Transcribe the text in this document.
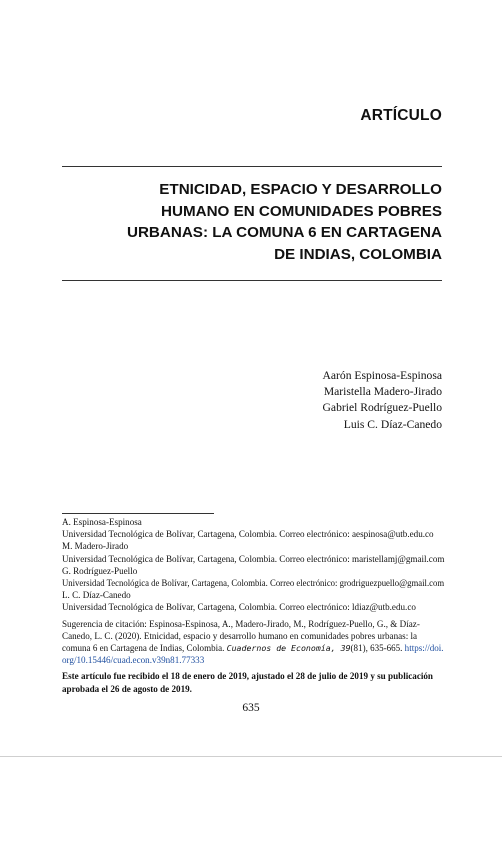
ARTÍCULO
ETNICIDAD, ESPACIO Y DESARROLLO
HUMANO EN COMUNIDADES POBRES
URBANAS: LA COMUNA 6 EN CARTAGENA
DE INDIAS, COLOMBIA
Aarón Espinosa-Espinosa
Maristella Madero-Jirado
Gabriel Rodríguez-Puello
Luis C. Díaz-Canedo
A. Espinosa-Espinosa
Universidad Tecnológica de Bolívar, Cartagena, Colombia. Correo electrónico: aespinosa@utb.edu.co
M. Madero-Jirado
Universidad Tecnológica de Bolívar, Cartagena, Colombia. Correo electrónico: maristellamj@gmail.com
G. Rodríguez-Puello
Universidad Tecnológica de Bolívar, Cartagena, Colombia. Correo electrónico: grodriguezpuello@gmail.com
L. C. Díaz-Canedo
Universidad Tecnológica de Bolívar, Cartagena, Colombia. Correo electrónico: ldiaz@utb.edu.co
Sugerencia de citación: Espinosa-Espinosa, A., Madero-Jirado, M., Rodríguez-Puello, G., & Díaz-
Canedo, L. C. (2020). Etnicidad, espacio y desarrollo humano en comunidades pobres urbanas: la
comuna 6 en Cartagena de Indias, Colombia. Cuadernos de Economía, 39(81), 635-665. https://doi.
org/10.15446/cuad.econ.v39n81.77333
Este artículo fue recibido el 18 de enero de 2019, ajustado el 28 de julio de 2019 y su publicación
aprobada el 26 de agosto de 2019.
635
